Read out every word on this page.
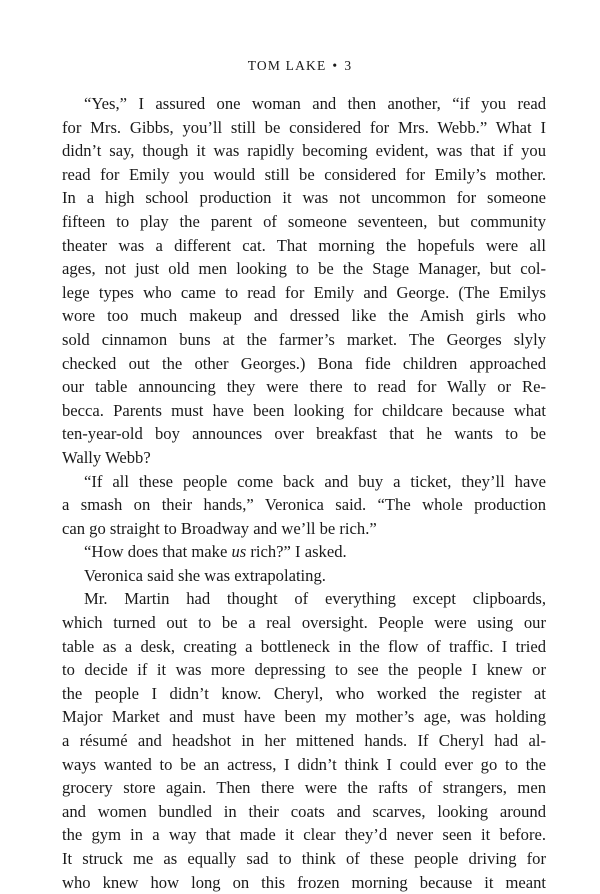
TOM LAKE • 3
“Yes,” I assured one woman and then another, “if you read
for Mrs. Gibbs, you’ll still be considered for Mrs. Webb.” What I
didn’t say, though it was rapidly becoming evident, was that if you
read for Emily you would still be considered for Emily’s mother.
In a high school production it was not uncommon for someone
fifteen to play the parent of someone seventeen, but community
theater was a different cat. That morning the hopefuls were all
ages, not just old men looking to be the Stage Manager, but col-
lege types who came to read for Emily and George. (The Emilys
wore too much makeup and dressed like the Amish girls who
sold cinnamon buns at the farmer’s market. The Georges slyly
checked out the other Georges.) Bona fide children approached
our table announcing they were there to read for Wally or Re-
becca. Parents must have been looking for childcare because what
ten-year-old boy announces over breakfast that he wants to be
Wally Webb?
“If all these people come back and buy a ticket, they’ll have
a smash on their hands,” Veronica said. “The whole production
can go straight to Broadway and we’ll be rich.”
“How does that make us rich?” I asked.
Veronica said she was extrapolating.
Mr. Martin had thought of everything except clipboards,
which turned out to be a real oversight. People were using our
table as a desk, creating a bottleneck in the flow of traffic. I tried
to decide if it was more depressing to see the people I knew or
the people I didn’t know. Cheryl, who worked the register at
Major Market and must have been my mother’s age, was holding
a résumé and headshot in her mittened hands. If Cheryl had al-
ways wanted to be an actress, I didn’t think I could ever go to the
grocery store again. Then there were the rafts of strangers, men
and women bundled in their coats and scarves, looking around
the gym in a way that made it clear they’d never seen it before.
It struck me as equally sad to think of these people driving for
who knew how long on this frozen morning because it meant
